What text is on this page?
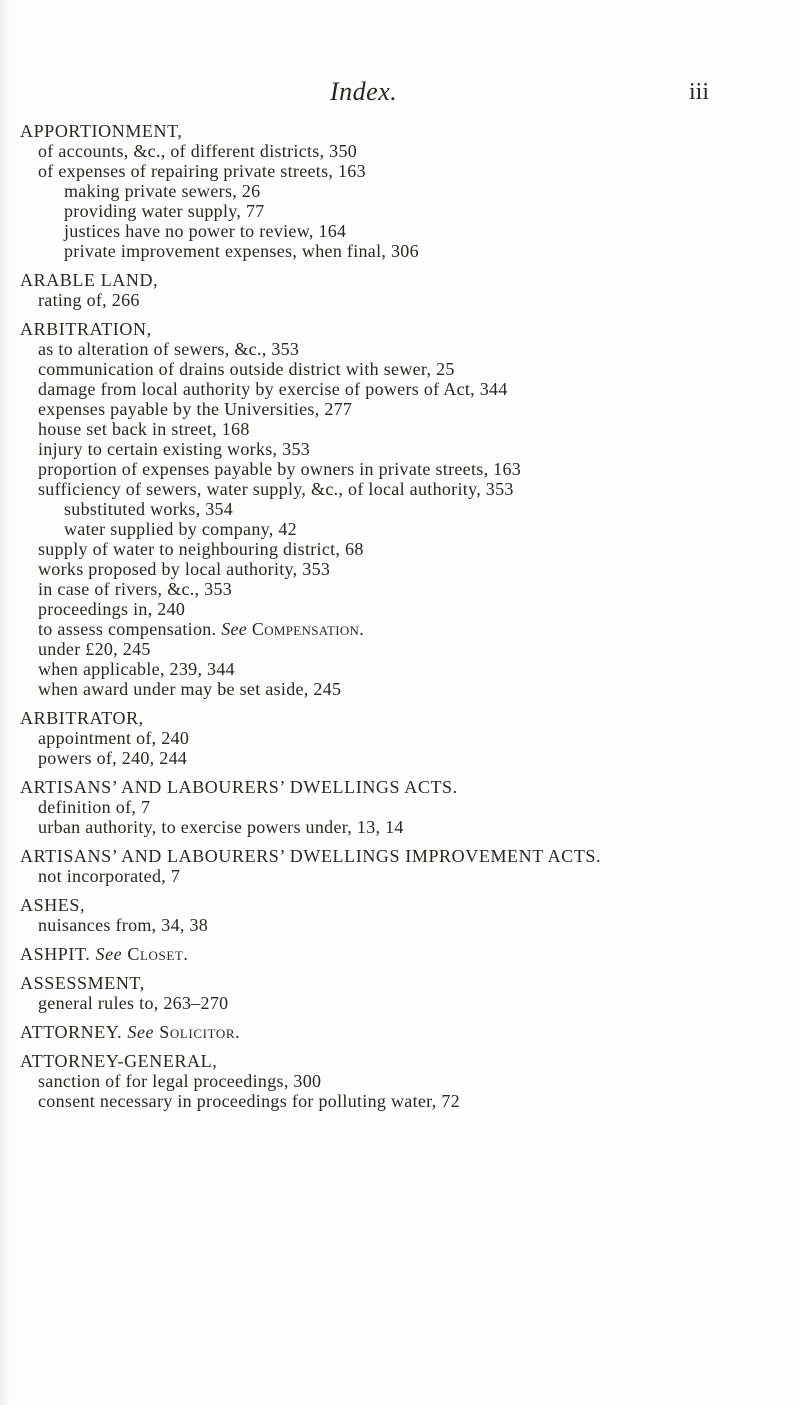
Index.	iii
APPORTIONMENT,
of accounts, &c., of different districts, 350
of expenses of repairing private streets, 163
making private sewers, 26
providing water supply, 77
justices have no power to review, 164
private improvement expenses, when final, 306
ARABLE LAND,
rating of, 266
ARBITRATION,
as to alteration of sewers, &c., 353
communication of drains outside district with sewer, 25
damage from local authority by exercise of powers of Act, 344
expenses payable by the Universities, 277
house set back in street, 168
injury to certain existing works, 353
proportion of expenses payable by owners in private streets, 163
sufficiency of sewers, water supply, &c., of local authority, 353
substituted works, 354
water supplied by company, 42
supply of water to neighbouring district, 68
works proposed by local authority, 353
in case of rivers, &c., 353
proceedings in, 240
to assess compensation. See Compensation.
under £20, 245
when applicable, 239, 344
when award under may be set aside, 245
ARBITRATOR,
appointment of, 240
powers of, 240, 244
ARTISANS’ AND LABOURERS’ DWELLINGS ACTS.
definition of, 7
urban authority, to exercise powers under, 13, 14
ARTISANS’ AND LABOURERS’ DWELLINGS IMPROVEMENT ACTS.
not incorporated, 7
ASHES,
nuisances from, 34, 38
ASHPIT. See Closet.
ASSESSMENT,
general rules to, 263–270
ATTORNEY. See Solicitor.
ATTORNEY-GENERAL,
sanction of for legal proceedings, 300
consent necessary in proceedings for polluting water, 72
